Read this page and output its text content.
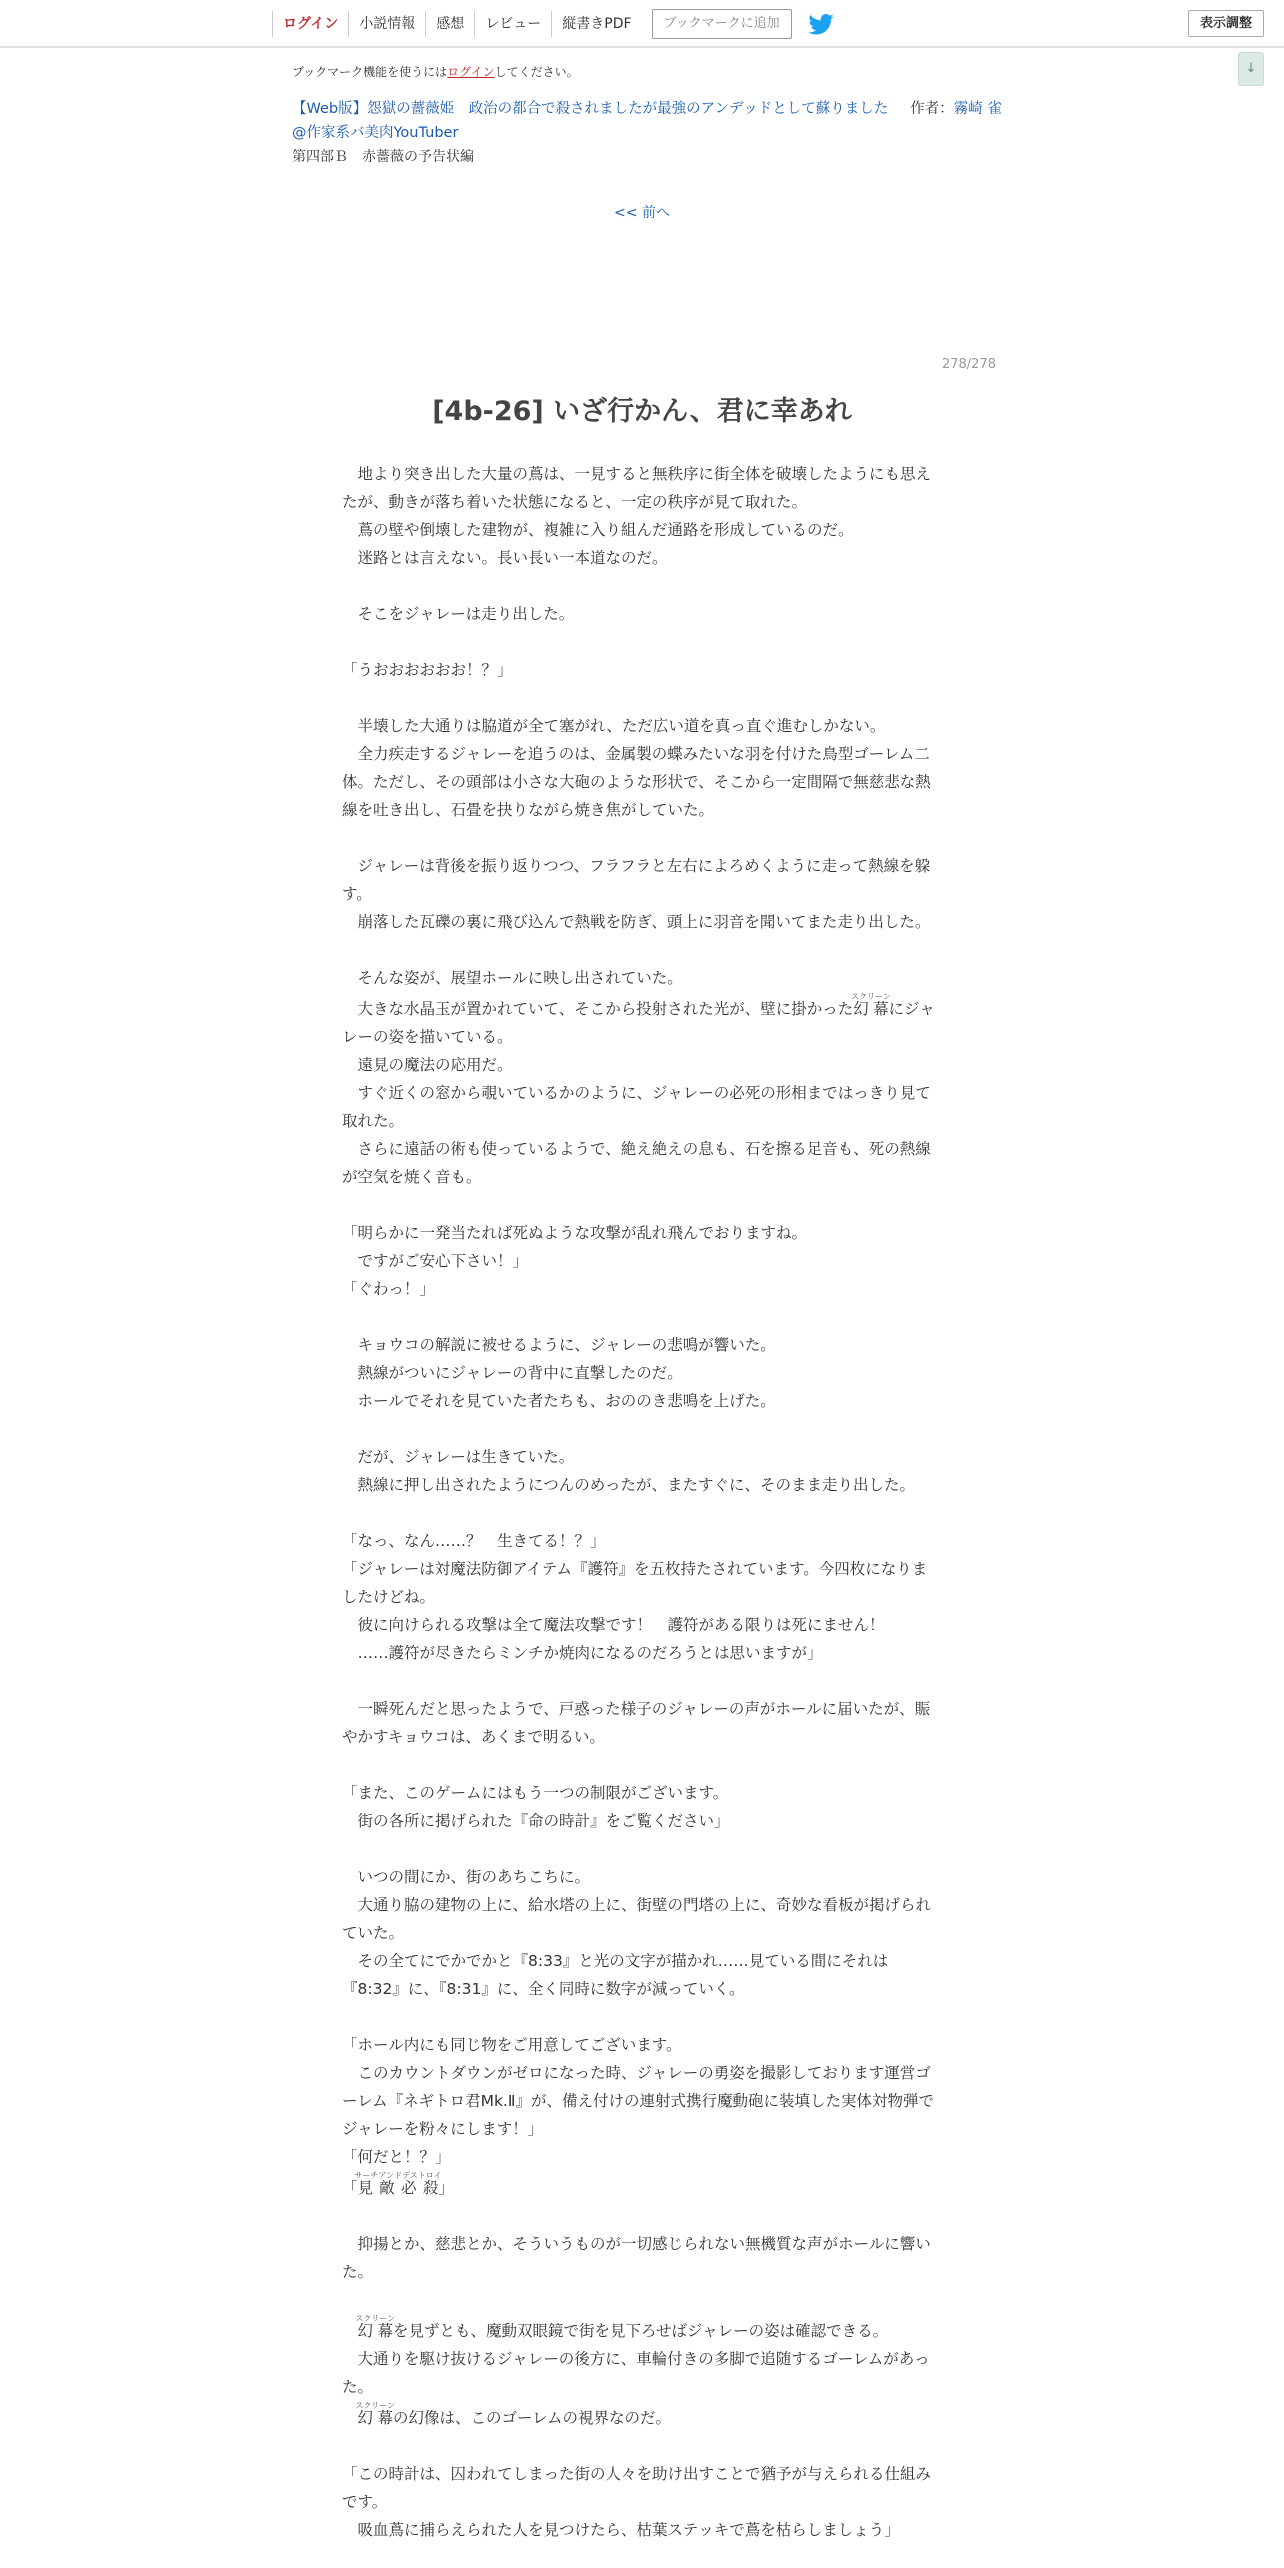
ログイン	小説情報	感想	レビュー	縦書きPDF	ブックマークに追加	表示調整
↓
ブックマーク機能を使うにはログインしてください。
【Web版】怨獄の薔薇姫　政治の都合で殺されましたが最強のアンデッドとして蘇りました 作者：霧崎 雀
@作家系バ美肉YouTuber
第四部Ｂ　赤薔薇の予告状編
<< 前へ
278/278
[4b-26] いざ行かん、君に幸あれ

　地より突き出した大量の蔦は、一見すると無秩序に街全体を破壊したようにも思えたが、動きが落ち着いた状態になると、一定の秩序が見て取れた。

　蔦の壁や倒壊した建物が、複雑に入り組んだ通路を形成しているのだ。

　迷路とは言えない。長い長い一本道なのだ。

　そこをジャレーは走り出した。

「うおおおおおお！？」

　半壊した大通りは脇道が全て塞がれ、ただ広い道を真っ直ぐ進むしかない。

　全力疾走するジャレーを追うのは、金属製の蝶みたいな羽を付けた鳥型ゴーレム二体。ただし、その頭部は小さな大砲のような形状で、そこから一定間隔で無慈悲な熱線を吐き出し、石畳を抉りながら焼き焦がしていた。

　ジャレーは背後を振り返りつつ、フラフラと左右によろめくように走って熱線を躱す。

　崩落した瓦礫の裏に飛び込んで熱戦を防ぎ、頭上に羽音を聞いてまた走り出した。

　そんな姿が、展望ホールに映し出されていた。

　大きな水晶玉が置かれていて、そこから投射された光が、壁に掛かった幻幕スクリーンにジャレーの姿を描いている。

　遠見の魔法の応用だ。

　すぐ近くの窓から覗いているかのように、ジャレーの必死の形相まではっきり見て取れた。

　さらに遠話の術も使っているようで、絶え絶えの息も、石を擦る足音も、死の熱線が空気を焼く音も。

「明らかに一発当たれば死ぬような攻撃が乱れ飛んでおりますね。

　ですがご安心下さい！」

「ぐわっ！」

　キョウコの解説に被せるように、ジャレーの悲鳴が響いた。

　熱線がついにジャレーの背中に直撃したのだ。

　ホールでそれを見ていた者たちも、おののき悲鳴を上げた。

　だが、ジャレーは生きていた。

　熱線に押し出されたようにつんのめったが、またすぐに、そのまま走り出した。

「なっ、なん……？　生きてる！？」

「ジャレーは対魔法防御アイテム『護符』を五枚持たされています。今四枚になりましたけどね。

　彼に向けられる攻撃は全て魔法攻撃です！　護符がある限りは死にません！

　……護符が尽きたらミンチか焼肉になるのだろうとは思いますが」

　一瞬死んだと思ったようで、戸惑った様子のジャレーの声がホールに届いたが、賑やかすキョウコは、あくまで明るい。

「また、このゲームにはもう一つの制限がございます。

　街の各所に掲げられた『命の時計』をご覧ください」

　いつの間にか、街のあちこちに。

　大通り脇の建物の上に、給水塔の上に、街壁の門塔の上に、奇妙な看板が掲げられていた。

　その全てにでかでかと『8:33』と光の文字が描かれ……見ている間にそれは『8:32』に、『8:31』に、全く同時に数字が減っていく。

「ホール内にも同じ物をご用意してございます。

　このカウントダウンがゼロになった時、ジャレーの勇姿を撮影しております運営ゴーレム『ネギトロ君Mk.Ⅱ』が、備え付けの連射式携行魔動砲に装填した実体対物弾でジャレーを粉々にします！」

「何だと！？」

「見敵必殺サーチアンドデストロイ」

　抑揚とか、慈悲とか、そういうものが一切感じられない無機質な声がホールに響いた。

　幻幕スクリーンを見ずとも、魔動双眼鏡で街を見下ろせばジャレーの姿は確認できる。

　大通りを駆け抜けるジャレーの後方に、車輪付きの多脚で追随するゴーレムがあった。

　幻幕スクリーンの幻像は、このゴーレムの視界なのだ。

「この時計は、囚われてしまった街の人々を助け出すことで猶予が与えられる仕組みです。

　吸血蔦に捕らえられた人を見つけたら、枯葉ステッキで蔦を枯らしましょう」
